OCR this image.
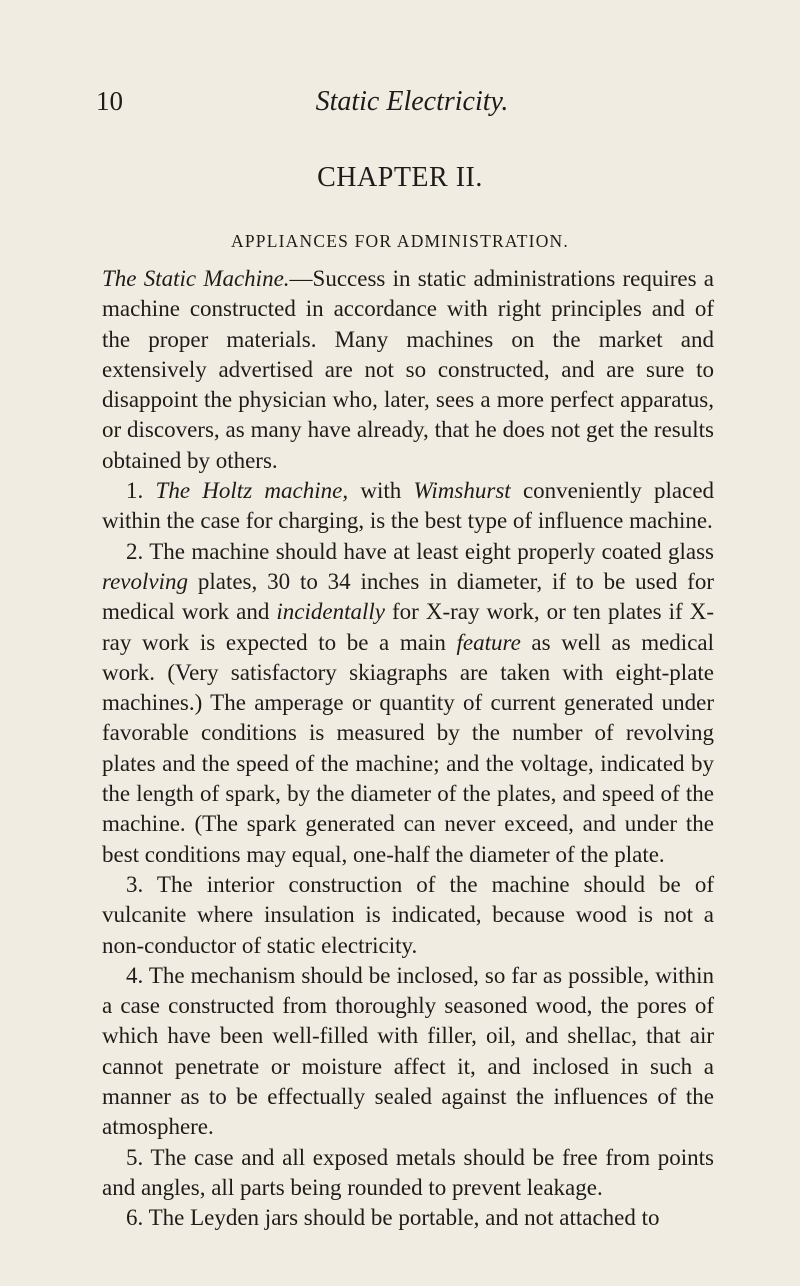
10	Static Electricity.
CHAPTER II.
APPLIANCES FOR ADMINISTRATION.

The Static Machine.—Success in static administrations requires a machine constructed in accordance with right principles and of the proper materials. Many machines on the market and extensively advertised are not so constructed, and are sure to disappoint the physician who, later, sees a more perfect apparatus, or discovers, as many have already, that he does not get the results obtained by others.

1. The Holtz machine, with Wimshurst conveniently placed within the case for charging, is the best type of influence machine.

2. The machine should have at least eight properly coated glass revolving plates, 30 to 34 inches in diameter, if to be used for medical work and incidentally for X-ray work, or ten plates if X-ray work is expected to be a main feature as well as medical work. (Very satisfactory skiagraphs are taken with eight-plate machines.) The amperage or quantity of current generated under favorable conditions is measured by the number of revolving plates and the speed of the machine; and the voltage, indicated by the length of spark, by the diameter of the plates, and speed of the machine. (The spark generated can never exceed, and under the best conditions may equal, one-half the diameter of the plate.

3. The interior construction of the machine should be of vulcanite where insulation is indicated, because wood is not a non-conductor of static electricity.

4. The mechanism should be inclosed, so far as possible, within a case constructed from thoroughly seasoned wood, the pores of which have been well-filled with filler, oil, and shellac, that air cannot penetrate or moisture affect it, and inclosed in such a manner as to be effectually sealed against the influences of the atmosphere.

5. The case and all exposed metals should be free from points and angles, all parts being rounded to prevent leakage.

6. The Leyden jars should be portable, and not attached to
